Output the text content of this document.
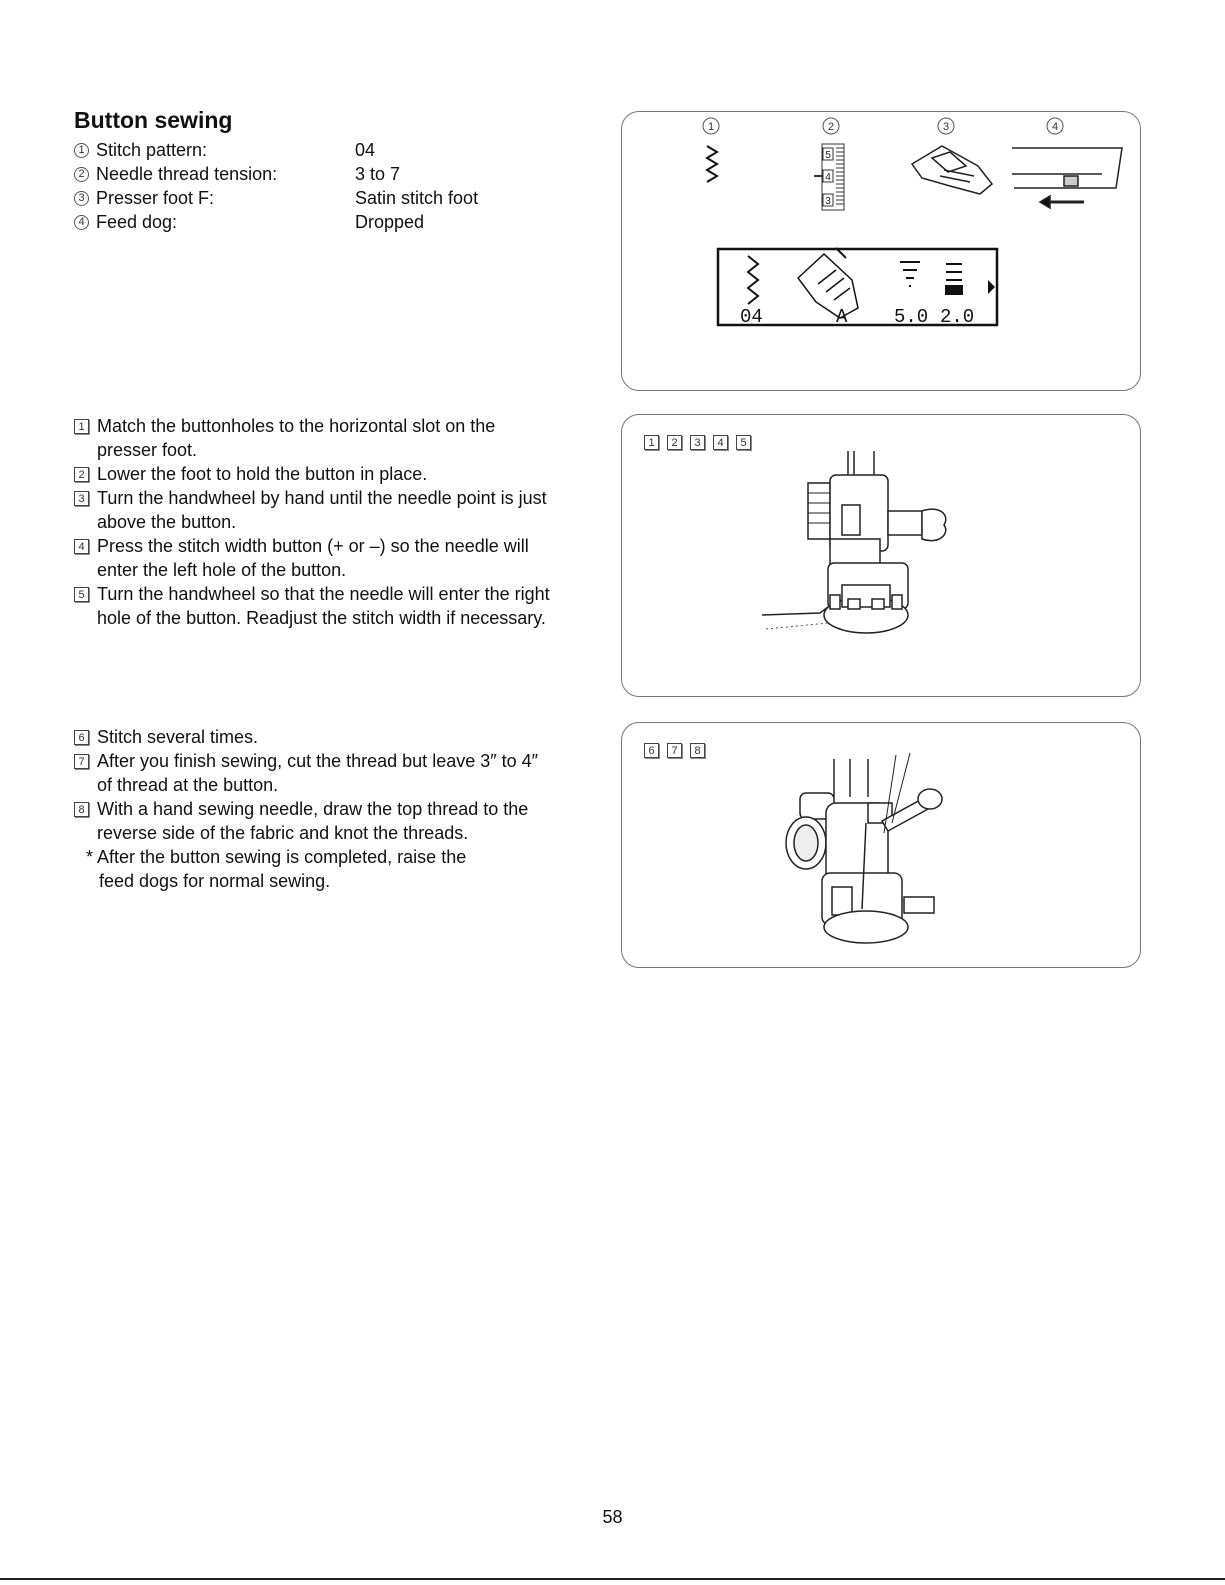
Button sewing
1 Stitch pattern:	04
2 Needle thread tension:	3 to 7
3 Presser foot F:	Satin stitch foot
4 Feed dog:	Dropped
1	2	3	4
5
4
3
04	A 5.0 2.0
1 Match the buttonholes to the horizontal slot on the
presser foot.
2 Lower the foot to hold the button in place.
3 Turn the handwheel by hand until the needle point is just
above the button.
4 Press the stitch width button (+ or –) so the needle will
enter the left hole of the button.
5 Turn the handwheel so that the needle will enter the right
hole of the button. Readjust the stitch width if necessary.
1	2	3	4	5
6 Stitch several times.
7 After you finish sewing, cut the thread but leave 3″ to 4″
of thread at the button.
8 With a hand sewing needle, draw the top thread to the
reverse side of the fabric and knot the threads.
* After the button sewing is completed, raise the
feed dogs for normal sewing.
6	7	8
58
